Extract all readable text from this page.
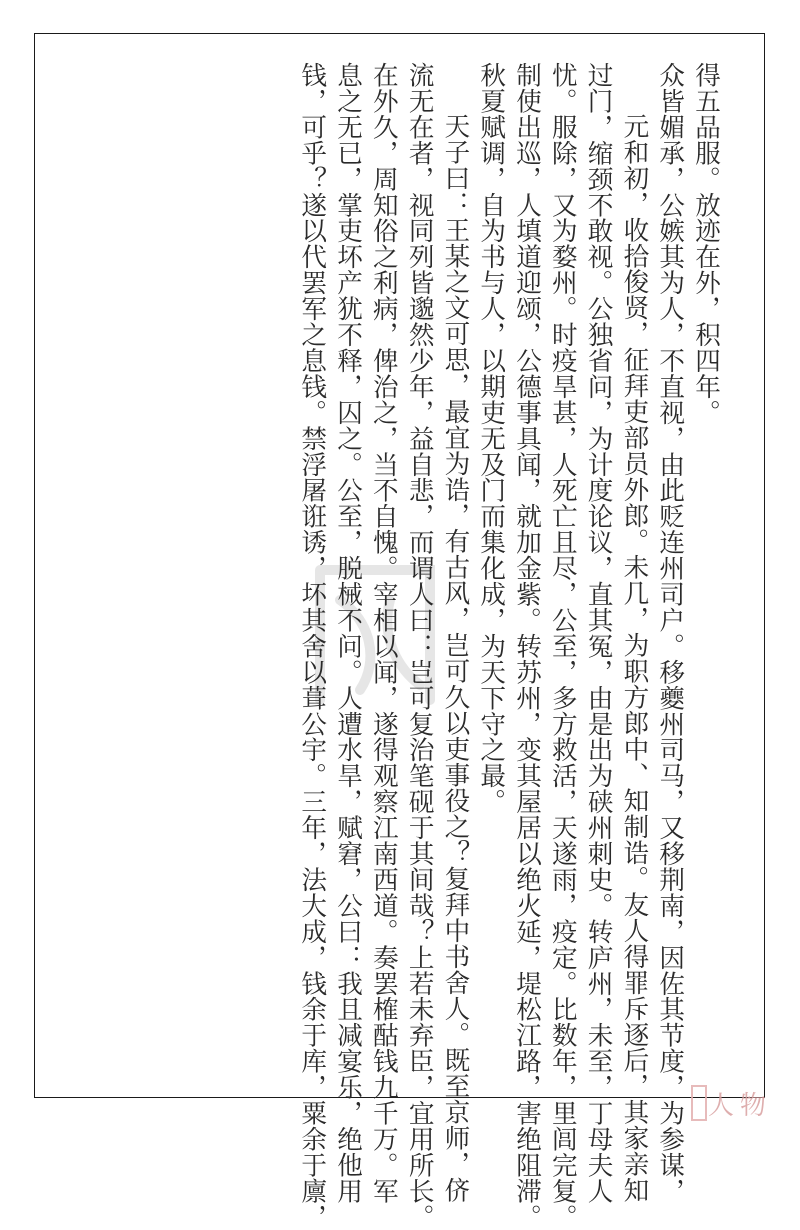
得五品服。放迹在外，积四年。

众皆媚承，公嫉其为人，不直视，由此贬连州司户。移夔州司马，又移荆南，因佐其节度，为参谋，

元和初，收拾俊贤，征拜吏部员外郎。未几，为职方郎中、知制诰。友人得罪斥逐后，其家亲知

过门，缩颈不敢视。公独省问，为计度论议，直其冤，由是出为硖州刺史。转庐州，未至，丁母夫人

忧。服除，又为婺州。时疫旱甚，人死亡且尽，公至，多方救活，天遂雨，疫定。比数年，里闾完复。

制使出巡，人填道迎颂，公德事具闻，就加金紫。转苏州，变其屋居以绝火延，堤松江路，害绝阻滞。

秋夏赋调，自为书与人，以期吏无及门而集化成，为天下守之最。

天子曰：王某之文可思，最宜为诰，有古风，岂可久以吏事役之？复拜中书舍人。既至京师，侪

流无在者，视同列皆邈然少年，益自悲，而谓人曰：岂可复治笔砚于其间哉？上若未弃臣，宜用所长。

在外久，周知俗之利病，俾治之，当不自愧。宰相以闻，遂得观察江南西道。奏罢榷酤钱九千万。军

息之无已，掌吏坏产犹不释，囚之。公至，脱械不问。人遭水旱，赋窘，公曰：我且减宴乐，绝他用

钱，可乎？遂以代罢军之息钱。禁浮屠诳诱，坏其舍以葺公宇。三年，法大成，钱余于库，粟余于廪，	人物
